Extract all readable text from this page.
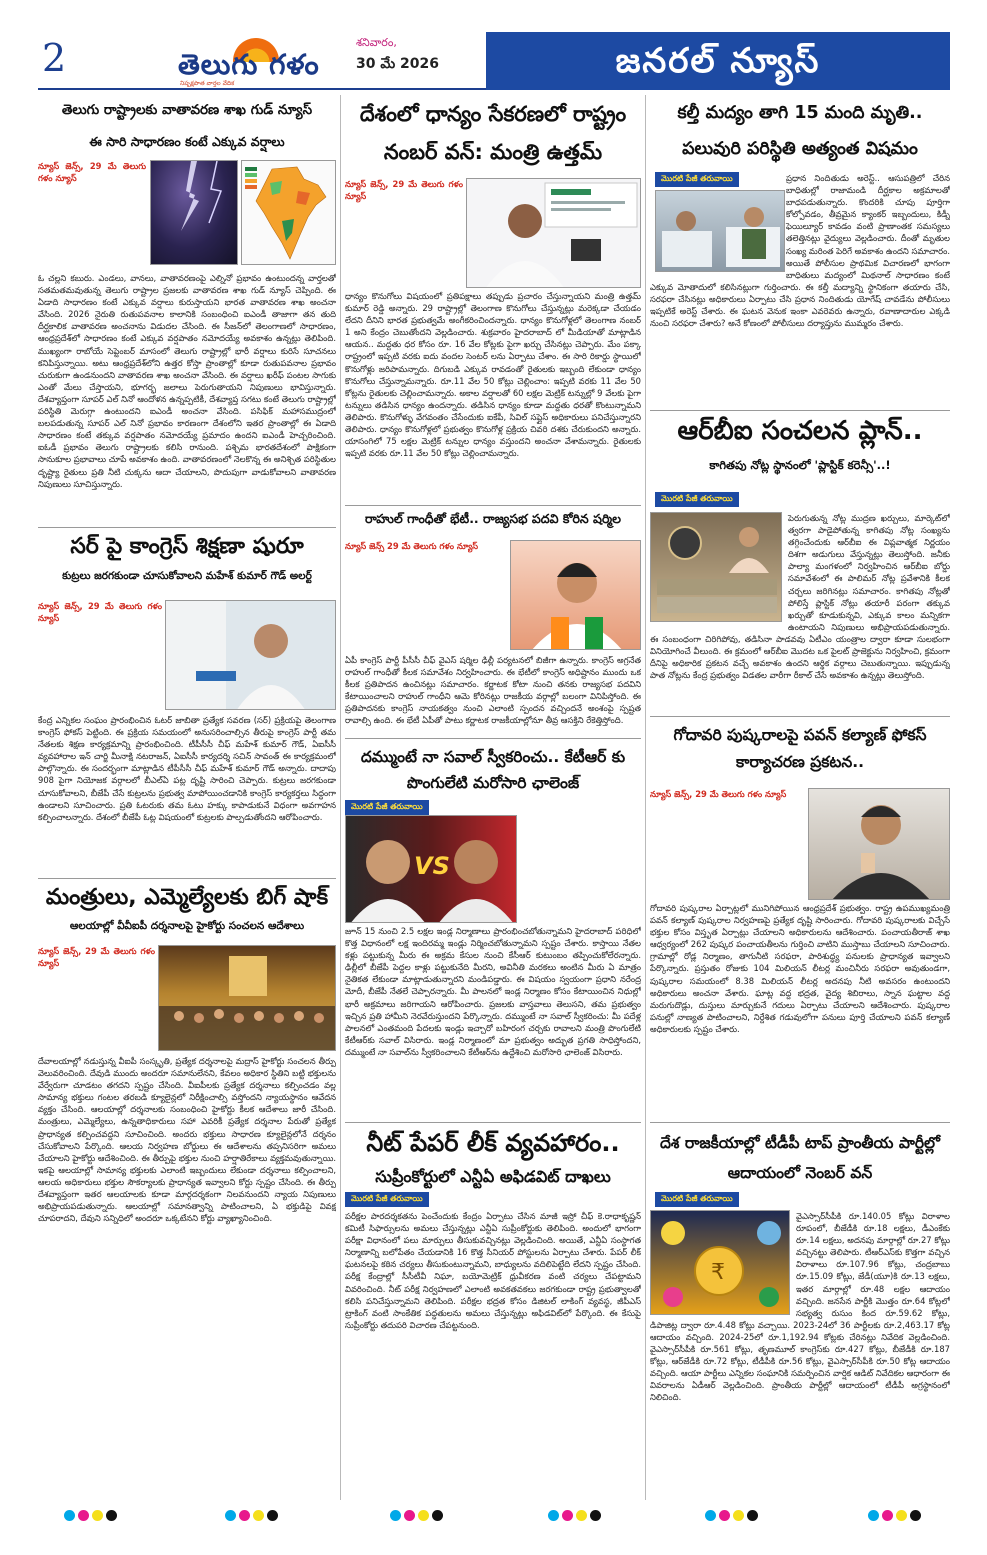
2	తెలుగు గళం
నిష్పక్షపాత వార్తల వేదిక
శనివారం,
30 మే 2026	జనరల్ న్యూస్
తెలుగు రాష్ట్రాలకు వాతావరణ శాఖ గుడ్ న్యూస్
ఈ సారి సాధారణం కంటే ఎక్కువ వర్షాలు
న్యూస్ జెన్స్, 29 మే తెలుగు గళం న్యూస్
ఓ చల్లని కబురు. ఎండలు, వానలు, వాతావరణంపై ఎల్నినో ప్రభావం ఉంటుందన్న వార్తలతో సతమతమవుతున్న తెలుగు రాష్ట్రాల ప్రజలకు వాతావరణ శాఖ గుడ్ న్యూస్ చెప్పింది. ఈ ఏడాది సాధారణం కంటే ఎక్కువ వర్షాలు కురుస్తాయని భారత వాతావరణ శాఖ అంచనా వేసింది. 2026 నైరుతి రుతుపవనాల కాలానికి సంబంధించి ఐఎండీ తాజాగా తన తుది దీర్ఘకాలిక వాతావరణ అంచనాను విడుదల చేసింది. ఈ సీజన్‌లో తెలంగాణలో సాధారణం, ఆంధ్రప్రదేశ్‌లో సాధారణం కంటే ఎక్కువ వర్షపాతం నమోదయ్యే అవకాశం ఉన్నట్లు తెలిపింది. ముఖ్యంగా రాబోయే సెప్టెంబర్ మాసంలో తెలుగు రాష్ట్రాల్లో భారీ వర్షాలు కురిసే సూచనలు కనిపిస్తున్నాయి. అటు ఆంధ్రప్రదేశ్‌లోని ఉత్తర కోస్తా ప్రాంతాల్లో కూడా రుతుపవనాల ప్రభావం చురుకుగా ఉండనుందని వాతావరణ శాఖ అంచనా వేసింది. ఈ వర్షాలు ఖరీఫ్ పంటల సాగుకు ఎంతో మేలు చేస్తాయని, భూగర్భ జలాలు పెరుగుతాయని నిపుణులు భావిస్తున్నారు. దేశవ్యాప్తంగా సూపర్ ఎల్ నినో ఆందోళన ఉన్నప్పటికీ, దేశవ్యాప్త సగటు కంటే తెలుగు రాష్ట్రాల్లో పరిస్థితి మెరుగ్గా ఉంటుందని ఐఎండీ అంచనా వేసింది. పసిఫిక్ మహాసముద్రంలో బలపడుతున్న సూపర్ ఎల్ నినో ప్రభావం కారణంగా దేశంలోని ఇతర ప్రాంతాల్లో ఈ ఏడాది సాధారణం కంటే తక్కువ వర్షపాతం నమోదయ్యే ప్రమాదం ఉందని ఐఎండీ హెచ్చరించింది. ఐఓడీ ప్రభావం తెలుగు రాష్ట్రాలకు కలిసి రానుంది. పశ్చిమ భారతదేశంలో పాక్షికంగా సానుకూల ప్రభావాలు చూపే అవకాశం ఉంది. వాతావరణంలో నెలకొన్న ఈ అనిశ్చిత పరిస్థితుల దృష్ట్యా రైతులు ప్రతి నీటి చుక్కను ఆదా చేయాలని, పొదుపుగా వాడుకోవాలని వాతావరణ నిపుణులు సూచిస్తున్నారు.
సర్ పై కాంగ్రెస్ శిక్షణా షురూ
కుట్రలు జరగకుండా చూసుకోవాలని మహేశ్ కుమార్ గౌడ్ అలర్ట్
న్యూస్ జెన్స్, 29 మే తెలుగు గళం న్యూస్
కేంద్ర ఎన్నికల సంఘం ప్రారంభించిన ఓటర్ జాబితా ప్రత్యేక సవరణ (సర్) ప్రక్రియపై తెలంగాణ కాంగ్రెస్ ఫోకస్ పెట్టింది. ఈ ప్రక్రియ సమయంలో అనుసరించాల్సిన తీరుపై కాంగ్రెస్ పార్టీ తమ నేతలకు శిక్షణ కార్యక్రమాన్ని ప్రారంభించింది. టీపీసీసీ చీఫ్ మహేశ్ కుమార్ గౌడ్, ఏఐసీసీ వ్యవహారాల ఇన్ చార్జి మీనాక్షి నటరాజన్, ఏఐసీసీ కార్యదర్శి సచిన్ సావంత్ ఈ కార్యక్రమంలో పాల్గొన్నారు. ఈ సందర్భంగా మాట్లాడిన టీపీసీసీ చీఫ్ మహేశ్ కుమార్ గౌడ్ అన్నారు. దాదాపు 908 పైగా నియోజక వర్గాలలో బీఎల్ఏ పట్ల దృష్టి సారించి చెప్పారు. కుట్రలు జరగకుండా చూసుకోవాలని, బీజేపీ చేసే కుట్రలను ప్రభుత్వ మాపోయించడానికి కాంగ్రెస్ కార్యకర్తలు సిద్ధంగా ఉండాలని సూచించారు. ప్రతి ఓటరుకు తమ ఓటు హక్కు కాపాడుకునే విధంగా అవగాహన కల్పించాలన్నారు. దేశంలో బీజేపీ ఓట్ల విషయంలో కుట్రలకు పాల్పడుతోందని ఆరోపించారు.
మంత్రులు, ఎమ్మెల్యేలకు బిగ్ షాక్
ఆలయాల్లో వీవీఐపీ దర్శనాలపై హైకోర్టు సంచలన ఆదేశాలు
న్యూస్ జెన్స్, 29 మే తెలుగు గళం న్యూస్
దేవాలయాల్లో నడుస్తున్న వీఐపీ సంస్కృతి, ప్రత్యేక దర్శనాలపై మద్రాస్ హైకోర్టు సంచలన తీర్పు వెలువరించింది. దేవుడి ముందు అందరూ సమానులేనని, కేవలం అధికార స్థితిని బట్టి భక్తులను వేర్వేరుగా చూడటం తగదని స్పష్టం చేసింది. వీఐపీలకు ప్రత్యేక దర్శనాలు కల్పించడం వల్ల సామాన్య భక్తులు గంటల తరబడి క్యూలైన్లలో నిరీక్షించాల్సి వస్తోందని న్యాయస్థానం ఆవేదన వ్యక్తం చేసింది. ఆలయాల్లో దర్శనాలకు సంబంధించి హైకోర్టు కీలక ఆదేశాలు జారీ చేసింది. మంత్రులు, ఎమ్మెల్యేలు, ఉన్నతాధికారులు సహా ఎవరికీ ప్రత్యేక దర్శనాల పేరుతో ప్రత్యేక ప్రాధాన్యత కల్పించవద్దని సూచించింది. అందరు భక్తులు సాధారణ క్యూలైన్లలోనే దర్శనం చేసుకోవాలని పేర్కొంది. ఆలయ నిర్వహణ బోర్డులు ఈ ఆదేశాలను తప్పనిసరిగా అమలు చేయాలని హైకోర్టు ఆదేశించింది. ఈ తీర్పుపై భక్తుల నుంచి హర్షాతిరేకాలు వ్యక్తమవుతున్నాయి. ఇకపై ఆలయాల్లో సామాన్య భక్తులకు ఎలాంటి ఇబ్బందులు లేకుండా దర్శనాలు కల్పించాలని, ఆలయ అధికారులు భక్తుల సౌకర్యాలకు ప్రాధాన్యత ఇవ్వాలని కోర్టు స్పష్టం చేసింది. ఈ తీర్పు దేశవ్యాప్తంగా ఇతర ఆలయాలకు కూడా మార్గదర్శకంగా నిలవనుందని న్యాయ నిపుణులు అభిప్రాయపడుతున్నారు. ఆలయాల్లో సమానత్వాన్ని పాటించాలని, ఏ భక్తుడిపై వివక్ష చూపరాదని, దేవుని సన్నిధిలో అందరూ ఒక్కటేనని కోర్టు వ్యాఖ్యానించింది.
దేశంలో ధాన్యం సేకరణలో రాష్ట్రం నంబర్ వన్: మంత్రి ఉత్తమ్
న్యూస్ జెన్స్, 29 మే తెలుగు గళం న్యూస్
ధాన్యం కొనుగోలు విషయంలో ప్రతిపక్షాలు తప్పుడు ప్రచారం చేస్తున్నాయని మంత్రి ఉత్తమ్ కుమార్ రెడ్డి అన్నారు. 29 రాష్ట్రాల్లో తెలంగాణ కొనుగోలు చేస్తున్నట్లు మరెక్కడా చేయడం లేదని దీనిని భారత ప్రభుత్వమే అంగీకరించిందన్నారు. ధాన్యం కొనుగోళ్లలో తెలంగాణ నంబర్ 1 అని కేంద్రం చెబుతోందని వెల్లడించారు. శుక్రవారం హైదరాబాద్ లో మీడియాతో మాట్లాడిన ఆయన.. మద్దతు ధర కోసం రూ. 16 వేల కోట్లకు పైగా ఖర్చు చేసినట్లు చెప్పారు. మేం పక్కా రాష్ట్రంలో ఇప్పటి వరకు ఐదు వందల సెంటర్ లను ఏర్పాటు చేశాం. ఈ సారి రికార్డు స్థాయిలో కొనుగోళ్లు జరిపామన్నారు. దిగుబడి ఎక్కువ రావడంతో రైతులకు ఇబ్బంది లేకుండా ధాన్యం కొనుగోలు చేస్తున్నామన్నారు. రూ.11 వేల 50 కోట్లు చెల్లించాం: ఇప్పటి వరకు 11 వేల 50 కోట్లను రైతులకు చెల్లించామన్నారు. అకాల వర్షాలతో 60 లక్షల మెట్రిక్ టన్నుల్లో 9 వేలకు పైగా టన్నులు తడిసిన ధాన్యం ఉందన్నారు. తడిసిన ధాన్యం కూడా మద్దతు ధరతో కొంటున్నామని తెలిపారు. కొనుగోళ్ళు వేగవంతం చేసేందుకు ఐకేపీ, సివిల్ సప్లైస్ అధికారులు పనిచేస్తున్నారని తెలిపారు. ధాన్యం కొనుగోళ్లలో ప్రభుత్వం కొనుగోళ్ల ప్రక్రియ చివరి దశకు చేరుకుందని అన్నారు. యాసంగిలో 75 లక్షల మెట్రిక్ టన్నుల ధాన్యం వస్తుందని అంచనా వేశామన్నారు. రైతులకు ఇప్పటి వరకు రూ.11 వేల 50 కోట్లు చెల్లించామన్నారు.
రాహుల్ గాంధీతో భేటీ.. రాజ్యసభ పదవి కోరిన షర్మిల
న్యూస్ జెన్స్ 29 మే తెలుగు గళం న్యూస్
ఏపీ కాంగ్రెస్ పార్టీ పీసీసీ చీఫ్ వైఎస్ షర్మిల ఢిల్లీ పర్యటనలో బిజీగా ఉన్నారు. కాంగ్రెస్ అగ్రనేత రాహుల్ గాంధీతో కీలక సమావేశం నిర్వహించారు. ఈ భేటీలో కాంగ్రెస్ అధిష్టానం ముందు ఒక కీలక ప్రతిపాదన ఉంచినట్లు సమాచారం. కర్ణాటక కోటా నుంచి తనకు రాజ్యసభ పదవిని కేటాయించాలని రాహుల్ గాంధీని ఆమె కోరినట్లు రాజకీయ వర్గాల్లో బలంగా వినిపిస్తోంది. ఈ ప్రతిపాదనకు కాంగ్రెస్ నాయకత్వం నుంచి ఎలాంటి స్పందన వచ్చిందనే అంశంపై స్పష్టత రావాల్సి ఉంది. ఈ భేటీ ఏపీతో పాటు కర్ణాటక రాజకీయాల్లోనూ తీవ్ర ఆసక్తిని రేకెత్తిస్తోంది.
దమ్ముంటే నా సవాల్ స్వీకరించు.. కేటీఆర్ కు పొంగులేటి మరోసారి ఛాలెంజ్
మొరటి పేజీ తరువాయి
VS
జూన్ 15 నుంచి 2.5 లక్షల ఇండ్ల నిర్మాణాలు ప్రారంభించబోతున్నామని హైదరాబాద్ పరిధిలో కొత్త విధానంలో లక్ష ఇందిరమ్మ ఇండ్లు నిర్మించబోతున్నామని స్పష్టం చేశారు. కాస్తాయి నేతల కళ్లు పట్టుకున్న మీరు ఈ అక్రమ కేసుల నుంచి కేసీఆర్ కుటుంబం తప్పించుకోలేరన్నారు. ఢిల్లీలో బీజేపీ పెద్దల కాళ్లు పట్టుకునేది మీరని, అవినీతి మరకలు అంటిన మీరు ఏ మాత్రం నైతికత లేకుండా మాట్లాడుతున్నారని మండిపడ్డారు. ఈ విషయం స్వయంగా ప్రధాని నరేంద్ర మోదీ, బీజేపీ నేతలే చెప్పారన్నారు. మీ పాలనలో ఇండ్ల నిర్మాణం కోసం కేటాయించిన నిధుల్లో భారీ అక్రమాలు జరిగాయని ఆరోపించారు. ప్రజలకు వాస్తవాలు తెలుసని, తమ ప్రభుత్వం ఇచ్చిన ప్రతి హామీని నెరవేరుస్తుందని పేర్కొన్నారు. దమ్ముంటే నా సవాల్ స్వీకరించు: మీ పదేళ్ల పాలనలో ఎంతమంది పేదలకు ఇండ్లు ఇచ్చారో బహిరంగ చర్చకు రావాలని మంత్రి పొంగులేటి కేటీఆర్‌కు సవాల్ విసిరారు. ఇండ్ల నిర్మాణంలో మా ప్రభుత్వం అద్భుత ప్రగతి సాధిస్తోందని, దమ్ముంటే నా సవాల్‌ను స్వీకరించాలని కేటీఆర్‌ను ఉద్దేశించి మరోసారి ఛాలెంజ్ విసిరారు.
నీట్ పేపర్ లీక్ వ్యవహారం..
సుప్రీంకోర్టులో ఎన్టీఏ అఫిడవిట్ దాఖలు
మొరటి పేజీ తరువాయి
పరీక్షల పారదర్శకతను పెంచేందుకు కేంద్రం ఏర్పాటు చేసిన మాజీ ఇస్రో చీఫ్ కె.రాధాకృష్ణన్ కమిటీ సిఫార్సులను అమలు చేస్తున్నట్లు ఎన్టీఏ సుప్రీంకోర్టుకు తెలిపింది. అందులో భాగంగా పరీక్షా విధానంలో పలు మార్పులు తీసుకువచ్చినట్లు వెల్లడించింది. అయితే, ఎన్టీఏ సంస్థాగత నిర్మాణాన్ని బలోపేతం చేయడానికి 16 కొత్త సీనియర్ పోస్టులను ఏర్పాటు చేశారు. పేపర్ లీక్ ఘటనలపై కఠిన చర్యలు తీసుకుంటున్నామని, బాధ్యులను వదిలిపెట్టేది లేదని స్పష్టం చేసింది. పరీక్ష కేంద్రాల్లో సీసీటీవీ నిఘా, బయోమెట్రిక్ ధ్రువీకరణ వంటి చర్యలు చేపట్టామని వివరించింది. నీట్ పరీక్ష నిర్వహణలో ఎలాంటి అవకతవకలు జరగకుండా రాష్ట్ర ప్రభుత్వాలతో కలిసి పనిచేస్తున్నామని తెలిపింది. పరీక్షల భద్రత కోసం డిజిటల్ లాకింగ్ వ్యవస్థ, జీపీఎస్ ట్రాకింగ్ వంటి సాంకేతిక పద్ధతులను అమలు చేస్తున్నట్లు అఫిడవిట్‌లో పేర్కొంది. ఈ కేసుపై సుప్రీంకోర్టు తదుపరి విచారణ చేపట్టనుంది.
కల్తీ మద్యం తాగి 15 మంది మృతి.. పలువురి పరిస్థితి అత్యంత విషమం
మొరటి పేజీ తరువాయి	ప్రధాన నిందితుడు అరెస్ట్.. ఆసుపత్రిలో చేరిన బాధితుల్లో రాజామండి దీర్ఘకాల అక్రమాలతో బాధపడుతున్నారు. కొందరికి చూపు పూర్తిగా కోల్పోవడం, తీవ్రమైన క్యాంకర్ ఇబ్బందులు, కిడ్నీ ఫెయిల్యూర్ కావడం వంటి ప్రాణాంతక సమస్యలు తలెత్తినట్లు వైద్యులు వెల్లడించారు. దీంతో మృతుల సంఖ్య మరింత పెరిగే అవకాశం ఉందని సమాచారం. అయితే పోలీసుల ప్రాథమిక విచారణలో భాగంగా బాధితులు మద్యంలో మిథనాల్ సాధారణం కంటే ఎక్కువ మోతాదులో కలిసినట్లుగా గుర్తించారు. ఈ కల్తీ మద్యాన్ని స్థానికంగా తయారు చేసి, సరఫరా చేసినట్లు అధికారులు ఏర్పాటు చేసి ప్రధాన నిందితుడు యోగేష్ చావడేను పోలీసులు ఇప్పటికే అరెస్ట్ చేశారు. ఈ ఘటన వెనుక ఇంకా ఎవరెవరు ఉన్నారు, రవాణాదారుల ఎక్కడి నుంచి సరఫరా చేశారు? అనే కోణంలో పోలీసులు దర్యాప్తును ముమ్మరం చేశారు.
ఆర్‌బీఐ సంచలన ప్లాన్..
కాగితపు నోట్ల స్థానంలో 'ప్లాస్టిక్ కరెన్సీ'..!
మొరటి పేజీ తరువాయి
పెరుగుతున్న నోట్ల ముద్రణ ఖర్చులు, మార్కెట్‌లో త్వరగా పాడైపోతున్న కాగితపు నోట్ల సంఖ్యను తగ్గించేందుకు ఆర్‌బీఐ ఈ విప్లవాత్మక నిర్ణయం దిశగా అడుగులు వేస్తున్నట్లు తెలుస్తోంది. జనీకు పాల్యా మంగళంలో నిర్వహించిన ఆర్‌బీఐ బోర్డు సమావేశంలో ఈ పాలిమర్ నోట్ల ప్రవేశానికి కీలక చర్చలు జరిగినట్లు సమాచారం. కాగితపు నోట్లతో పోలిస్తే ప్లాస్టిక్ నోట్లు తయారీ పరంగా తక్కువ ఖర్చుతో కూడుకున్నవి, ఎక్కువ కాలం మన్నికగా ఉంటాయని నిపుణులు అభిప్రాయపడుతున్నారు. ఈ సంబంధంగా చిరిగిపోవు, తడిసినా పాడవవు ఏటీఎం యంత్రాల ద్వారా కూడా సులభంగా వినియోగించే వీలుంది. ఈ క్రమంలో ఆర్‌బీఐ మొదట ఒక పైలట్ ప్రాజెక్టును నిర్వహించి, క్రమంగా దీనిపై అధికారిక ప్రకటన వచ్చే అవకాశం ఉందని ఆర్థిక వర్గాలు చెబుతున్నాయి. ఇప్పుడున్న పాత నోట్లను కేంద్ర ప్రభుత్వం విడతల వారీగా రీకాల్ చేసే అవకాశం ఉన్నట్లు తెలుస్తోంది.
గోదావరి పుష్కరాలపై పవన్ కల్యాణ్ ఫోకస్ కార్యాచరణ ప్రకటన..
న్యూస్ జెన్స్, 29 మే తెలుగు గళం న్యూస్
గోదావరి పుష్కరాల ఏర్పాట్లలో మునిగిపోయిన ఆంధ్రప్రదేశ్ ప్రభుత్వం. రాష్ట్ర ఉపముఖ్యమంత్రి పవన్ కల్యాణ్ పుష్కరాల నిర్వహణపై ప్రత్యేక దృష్టి సారించారు. గోదావరి పుష్కరాలకు విచ్చేసే భక్తుల కోసం విస్తృత ఏర్పాట్లు చేయాలని అధికారులను ఆదేశించారు. పంచాయతీరాజ్ శాఖ ఆధ్వర్యంలో 262 పుష్కర పంచాయతీలను గుర్తించి వాటిని ముస్తాబు చేయాలని సూచించారు. గ్రామాల్లో రోడ్ల నిర్మాణం, తాగునీటి సరఫరా, పారిశుద్ధ్య పనులకు ప్రాధాన్యత ఇవ్వాలని పేర్కొన్నారు. ప్రస్తుతం రోజుకు 104 మిలియన్ లీటర్ల మంచినీరు సరఫరా అవుతుండగా, పుష్కరాల సమయంలో 8.38 మిలియన్ లీటర్ల అదనపు నీటి అవసరం ఉంటుందని అధికారులు అంచనా వేశారు. ఘాట్ల వద్ద భద్రత, వైద్య శిబిరాలు, స్నాన ఘట్టాల వద్ద మరుగుదొడ్లు, దుస్తులు మార్చుకునే గదులు ఏర్పాటు చేయాలని ఆదేశించారు. పుష్కరాల పనుల్లో నాణ్యత పాటించాలని, నిర్దేశిత గడువులోగా పనులు పూర్తి చేయాలని పవన్ కల్యాణ్ అధికారులకు స్పష్టం చేశారు.
దేశ రాజకీయాల్లో టీడీపీ టాప్ ప్రాంతీయ పార్టీల్లో ఆదాయంలో నెంబర్ వన్
మొరటి పేజీ తరువాయి
₹
వైఎస్సార్‌సీపీకి రూ.140.05 కోట్లు విరాళాల రూపంలో, బీజేడీకి రూ.18 లక్షలు, డీఎంకేకు రూ.14 లక్షలు, అదనపు మార్గాల్లో రూ.27 కోట్లు వచ్చినట్టు తెలిపారు. టీఆర్‌ఎస్‌కు కొత్తగా వచ్చిన విరాళాలు రూ.107.96 కోట్లు, చంద్రబాబు రూ.15.09 కోట్లు, జేడీ(యూ)కి రూ.13 లక్షలు, ఇతర మార్గాల్లో రూ.48 లక్షల ఆదాయం వచ్చింది. జనసేన పార్టీకి మొత్తం రూ.64 కోట్లలో సభ్యత్వ రుసుం కింద రూ.59.62 కోట్లు, డిపాజిట్ల ద్వారా రూ.4.48 కోట్లు వచ్చాయి. 2023-24లో 36 పార్టీలకు రూ.2,463.17 కోట్ల ఆదాయం వచ్చింది. 2024-25లో రూ.1,192.94 కోట్లకు చేరినట్లు నివేదిక వెల్లడించింది. వైఎస్సార్‌సీపీకి రూ.561 కోట్లు, తృణమూల్ కాంగ్రెస్‌కు రూ.427 కోట్లు, బీజేడీకి రూ.187 కోట్లు, ఆర్‌జేడీకి రూ.72 కోట్లు, టీడీపీకి రూ.56 కోట్లు, వైఎస్సార్‌సీపీకి రూ.50 కోట్ల ఆదాయం వచ్చింది. ఆయా పార్టీలు ఎన్నికల సంఘానికి సమర్పించిన వార్షిక ఆడిట్ నివేదికల ఆధారంగా ఈ వివరాలను ఏడీఆర్ వెల్లడించింది. ప్రాంతీయ పార్టీల్లో ఆదాయంలో టీడీపీ అగ్రస్థానంలో నిలిచింది.
